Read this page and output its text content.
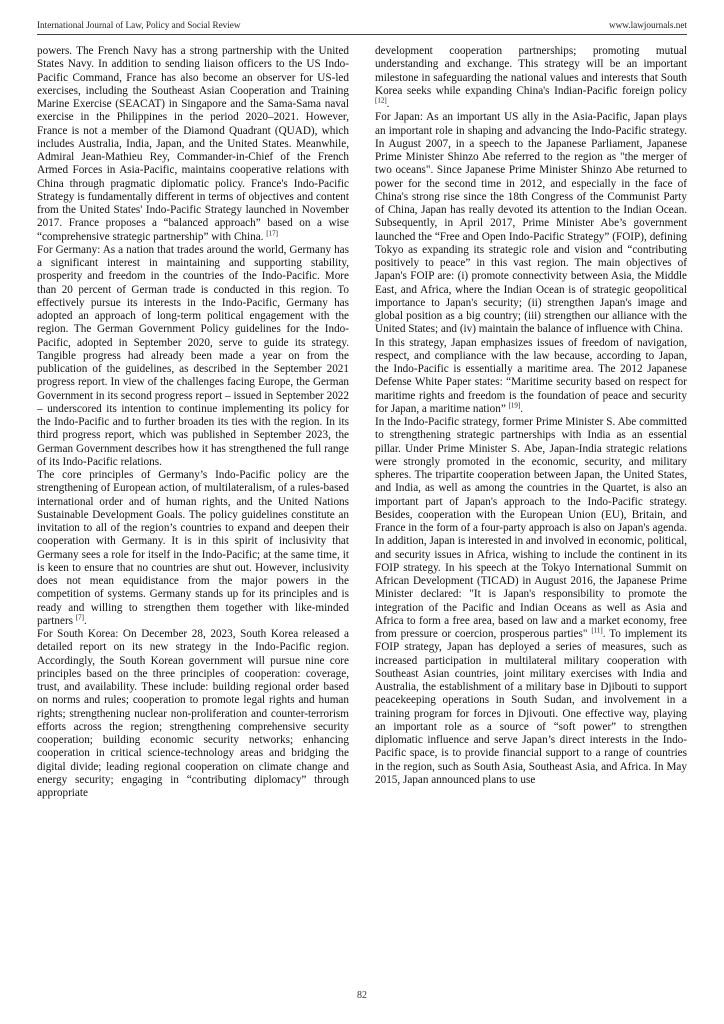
International Journal of Law, Policy and Social Review	www.lawjournals.net

powers. The French Navy has a strong partnership with the United States Navy. In addition to sending liaison officers to the US Indo-Pacific Command, France has also become an observer for US-led exercises, including the Southeast Asian Cooperation and Training Marine Exercise (SEACAT) in Singapore and the Sama-Sama naval exercise in the Philippines in the period 2020–2021. However, France is not a member of the Diamond Quadrant (QUAD), which includes Australia, India, Japan, and the United States. Meanwhile, Admiral Jean-Mathieu Rey, Commander-in-Chief of the French Armed Forces in Asia-Pacific, maintains cooperative relations with China through pragmatic diplomatic policy. France's Indo-Pacific Strategy is fundamentally different in terms of objectives and content from the United States' Indo-Pacific Strategy launched in November 2017. France proposes a “balanced approach” based on a wise “comprehensive strategic partnership” with China. [17]

For Germany: As a nation that trades around the world, Germany has a significant interest in maintaining and supporting stability, prosperity and freedom in the countries of the Indo-Pacific. More than 20 percent of German trade is conducted in this region. To effectively pursue its interests in the Indo-Pacific, Germany has adopted an approach of long-term political engagement with the region. The German Government Policy guidelines for the Indo-Pacific, adopted in September 2020, serve to guide its strategy. Tangible progress had already been made a year on from the publication of the guidelines, as described in the September 2021 progress report. In view of the challenges facing Europe, the German Government in its second progress report – issued in September 2022 – underscored its intention to continue implementing its policy for the Indo-Pacific and to further broaden its ties with the region. In its third progress report, which was published in September 2023, the German Government describes how it has strengthened the full range of its Indo-Pacific relations.

The core principles of Germany’s Indo-Pacific policy are the strengthening of European action, of multilateralism, of a rules-based international order and of human rights, and the United Nations Sustainable Development Goals. The policy guidelines constitute an invitation to all of the region’s countries to expand and deepen their cooperation with Germany. It is in this spirit of inclusivity that Germany sees a role for itself in the Indo-Pacific; at the same time, it is keen to ensure that no countries are shut out. However, inclusivity does not mean equidistance from the major powers in the competition of systems. Germany stands up for its principles and is ready and willing to strengthen them together with like-minded partners [7].

For South Korea: On December 28, 2023, South Korea released a detailed report on its new strategy in the Indo-Pacific region. Accordingly, the South Korean government will pursue nine core principles based on the three principles of cooperation: coverage, trust, and availability. These include: building regional order based on norms and rules; cooperation to promote legal rights and human rights; strengthening nuclear non-proliferation and counter-terrorism efforts across the region; strengthening comprehensive security cooperation; building economic security networks; enhancing cooperation in critical science-technology areas and bridging the digital divide; leading regional cooperation on climate change and energy security; engaging in “contributing diplomacy” through appropriate

development cooperation partnerships; promoting mutual understanding and exchange. This strategy will be an important milestone in safeguarding the national values and interests that South Korea seeks while expanding China's Indian-Pacific foreign policy [12].

For Japan: As an important US ally in the Asia-Pacific, Japan plays an important role in shaping and advancing the Indo-Pacific strategy. In August 2007, in a speech to the Japanese Parliament, Japanese Prime Minister Shinzo Abe referred to the region as "the merger of two oceans". Since Japanese Prime Minister Shinzo Abe returned to power for the second time in 2012, and especially in the face of China's strong rise since the 18th Congress of the Communist Party of China, Japan has really devoted its attention to the Indian Ocean. Subsequently, in April 2017, Prime Minister Abe’s government launched the “Free and Open Indo-Pacific Strategy” (FOIP), defining Tokyo as expanding its strategic role and vision and “contributing positively to peace” in this vast region. The main objectives of Japan's FOIP are: (i) promote connectivity between Asia, the Middle East, and Africa, where the Indian Ocean is of strategic geopolitical importance to Japan's security; (ii) strengthen Japan's image and global position as a big country; (iii) strengthen our alliance with the United States; and (iv) maintain the balance of influence with China.

In this strategy, Japan emphasizes issues of freedom of navigation, respect, and compliance with the law because, according to Japan, the Indo-Pacific is essentially a maritime area. The 2012 Japanese Defense White Paper states: “Maritime security based on respect for maritime rights and freedom is the foundation of peace and security for Japan, a maritime nation” [19].

In the Indo-Pacific strategy, former Prime Minister S. Abe committed to strengthening strategic partnerships with India as an essential pillar. Under Prime Minister S. Abe, Japan-India strategic relations were strongly promoted in the economic, security, and military spheres. The tripartite cooperation between Japan, the United States, and India, as well as among the countries in the Quartet, is also an important part of Japan's approach to the Indo-Pacific strategy. Besides, cooperation with the European Union (EU), Britain, and France in the form of a four-party approach is also on Japan's agenda. In addition, Japan is interested in and involved in economic, political, and security issues in Africa, wishing to include the continent in its FOIP strategy. In his speech at the Tokyo International Summit on African Development (TICAD) in August 2016, the Japanese Prime Minister declared: "It is Japan's responsibility to promote the integration of the Pacific and Indian Oceans as well as Asia and Africa to form a free area, based on law and a market economy, free from pressure or coercion, prosperous parties" [11]. To implement its FOIP strategy, Japan has deployed a series of measures, such as increased participation in multilateral military cooperation with Southeast Asian countries, joint military exercises with India and Australia, the establishment of a military base in Djibouti to support peacekeeping operations in South Sudan, and involvement in a training program for forces in Djivouti. One effective way, playing an important role as a source of “soft power” to strengthen diplomatic influence and serve Japan’s direct interests in the Indo-Pacific space, is to provide financial support to a range of countries in the region, such as South Asia, Southeast Asia, and Africa. In May 2015, Japan announced plans to use

82
